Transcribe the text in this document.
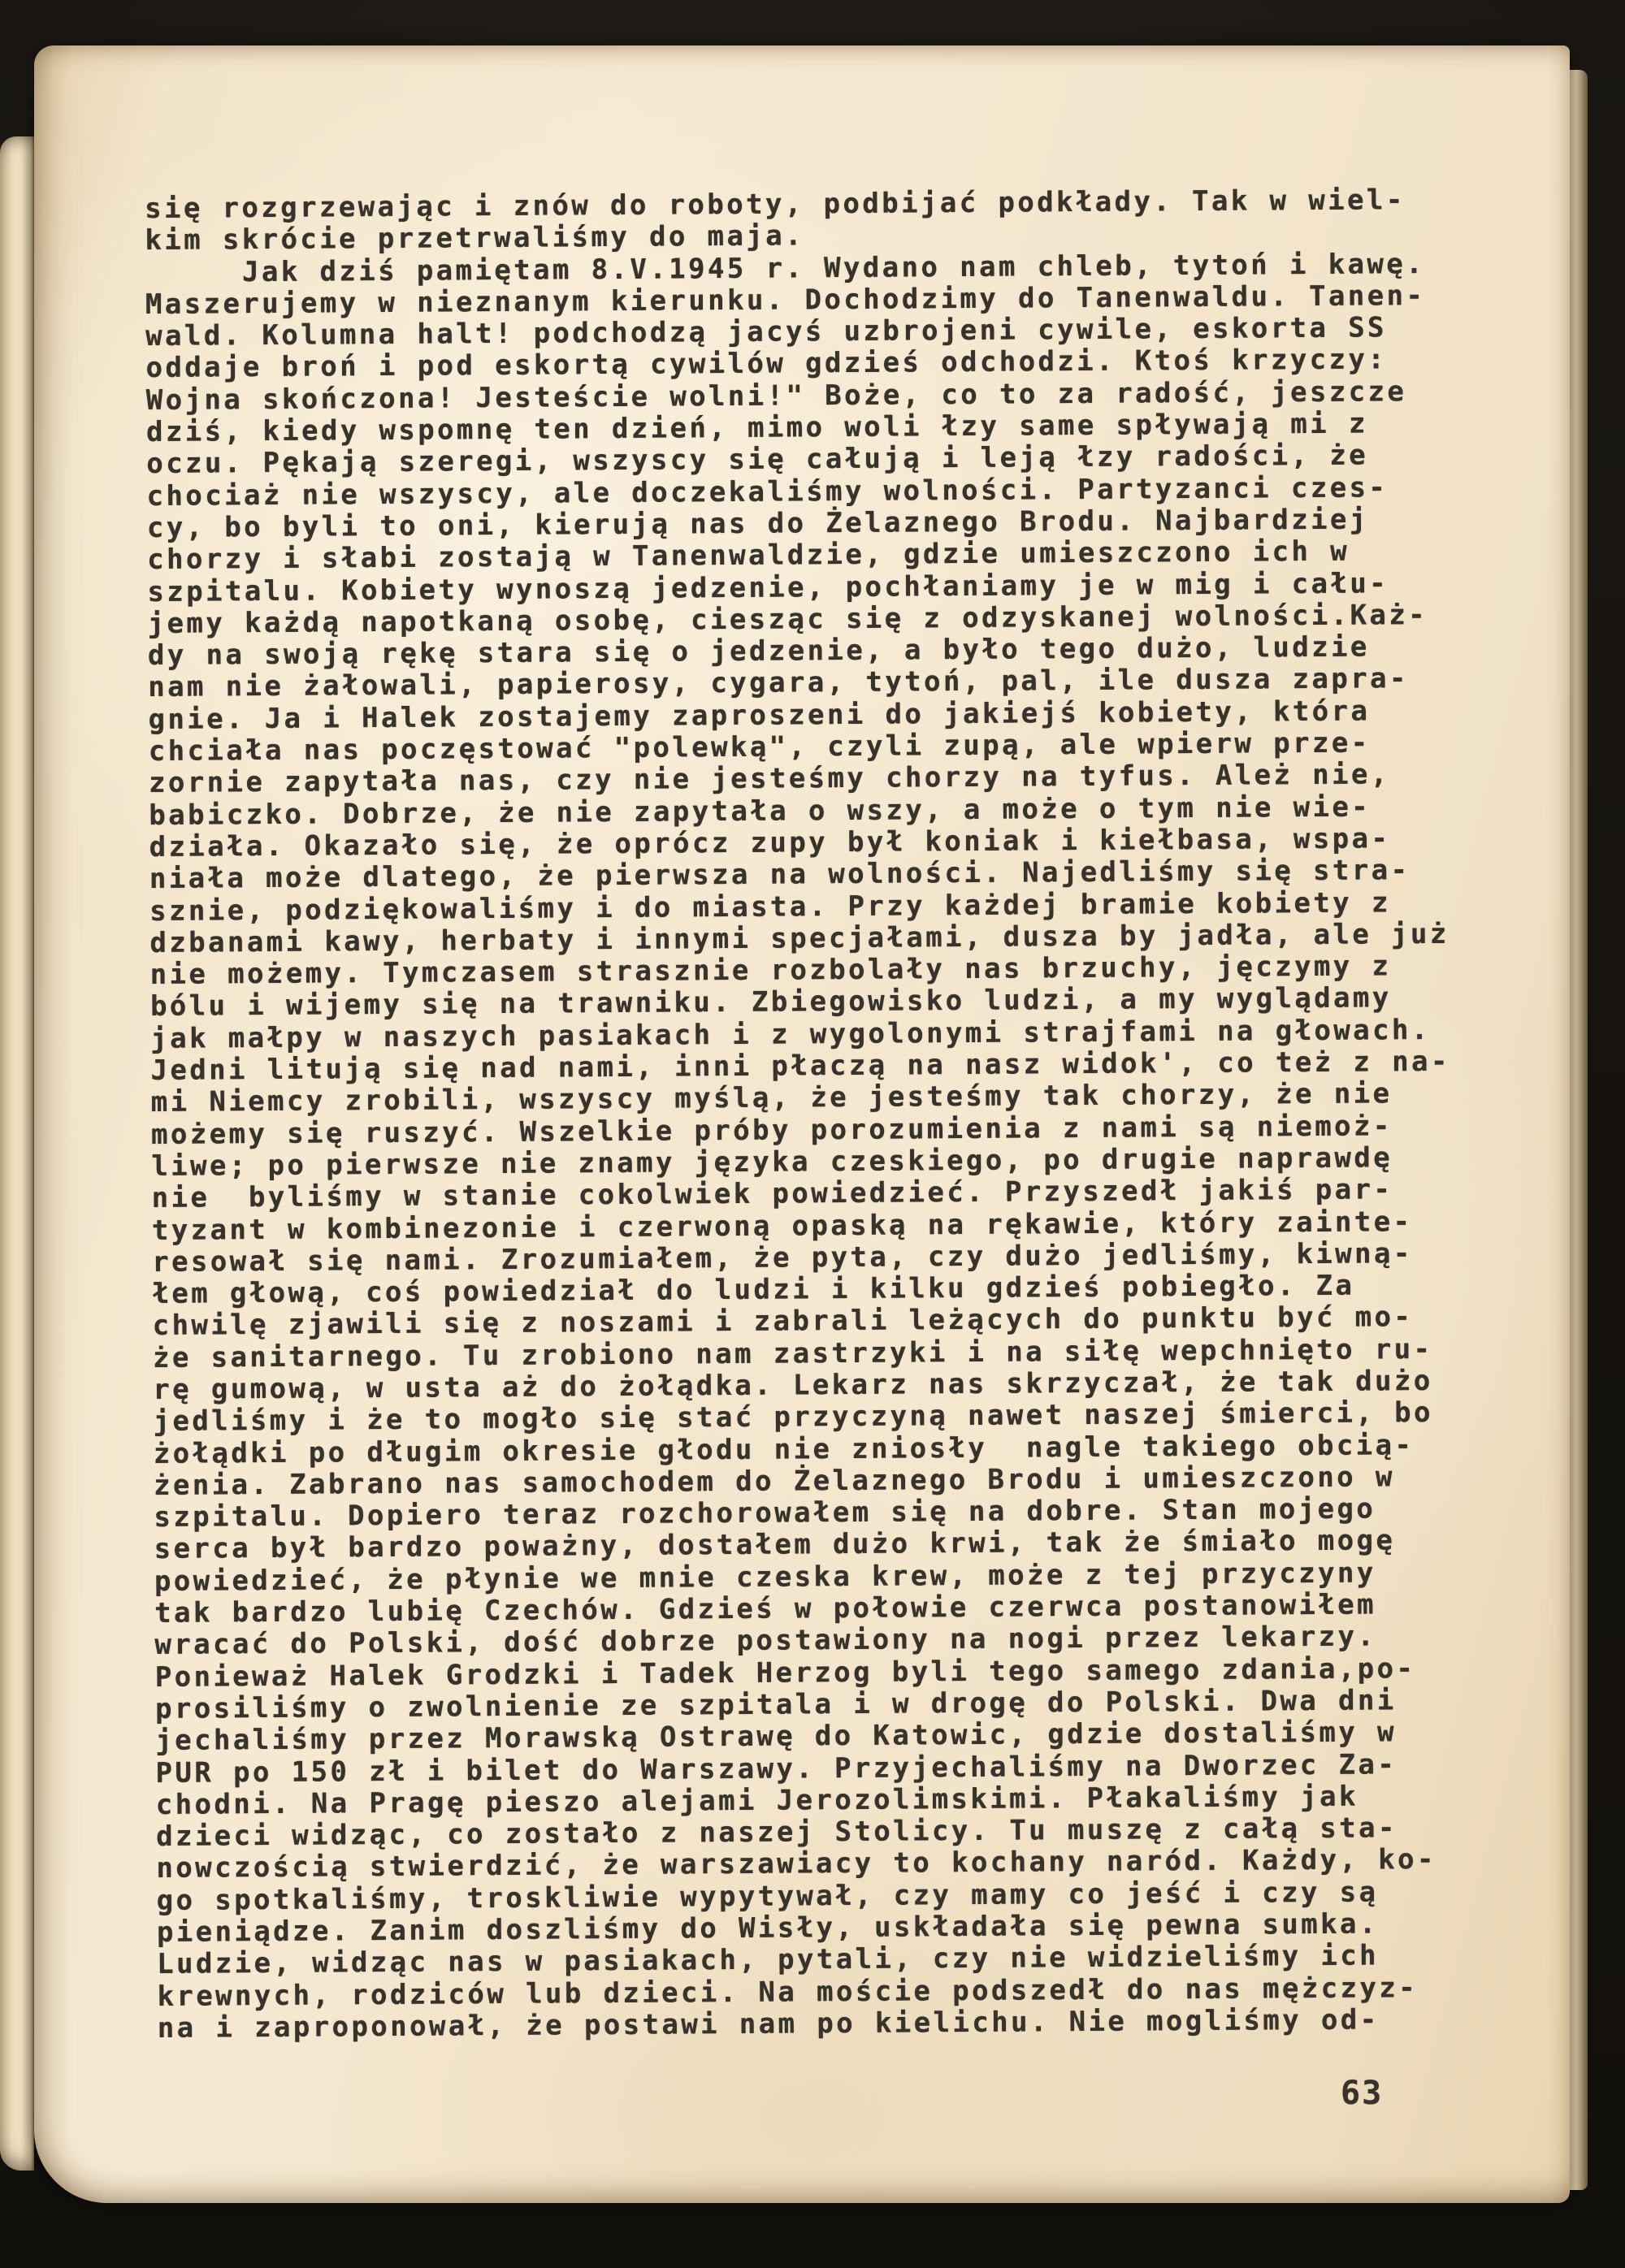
się rozgrzewając i znów do roboty, podbijać podkłady. Tak w wiel-
kim skrócie przetrwaliśmy do maja.
Jak dziś pamiętam 8.V.1945 r. Wydano nam chleb, tytoń i kawę.
Maszerujemy w nieznanym kierunku. Dochodzimy do Tanenwaldu. Tanen-
wald. Kolumna halt! podchodzą jacyś uzbrojeni cywile, eskorta SS
oddaje broń i pod eskortą cywilów gdzieś odchodzi. Ktoś krzyczy:
Wojna skończona! Jesteście wolni!" Boże, co to za radość, jeszcze
dziś, kiedy wspomnę ten dzień, mimo woli łzy same spływają mi z
oczu. Pękają szeregi, wszyscy się całują i leją łzy radości, że
chociaż nie wszyscy, ale doczekaliśmy wolności. Partyzanci czes-
cy, bo byli to oni, kierują nas do Żelaznego Brodu. Najbardziej
chorzy i słabi zostają w Tanenwaldzie, gdzie umieszczono ich w
szpitalu. Kobiety wynoszą jedzenie, pochłaniamy je w mig i cału-
jemy każdą napotkaną osobę, ciesząc się z odzyskanej wolności.Każ-
dy na swoją rękę stara się o jedzenie, a było tego dużo, ludzie
nam nie żałowali, papierosy, cygara, tytoń, pal, ile dusza zapra-
gnie. Ja i Halek zostajemy zaproszeni do jakiejś kobiety, która
chciała nas poczęstować "polewką", czyli zupą, ale wpierw prze-
zornie zapytała nas, czy nie jesteśmy chorzy na tyfus. Ależ nie,
babiczko. Dobrze, że nie zapytała o wszy, a może o tym nie wie-
działa. Okazało się, że oprócz zupy był koniak i kiełbasa, wspa-
niała może dlatego, że pierwsza na wolności. Najedliśmy się stra-
sznie, podziękowaliśmy i do miasta. Przy każdej bramie kobiety z
dzbanami kawy, herbaty i innymi specjałami, dusza by jadła, ale już
nie możemy. Tymczasem strasznie rozbolały nas brzuchy, jęczymy z
bólu i wijemy się na trawniku. Zbiegowisko ludzi, a my wyglądamy
jak małpy w naszych pasiakach i z wygolonymi strajfami na głowach.
Jedni litują się nad nami, inni płaczą na nasz widok', co też z na-
mi Niemcy zrobili, wszyscy myślą, że jesteśmy tak chorzy, że nie
możemy się ruszyć. Wszelkie próby porozumienia z nami są niemoż-
liwe; po pierwsze nie znamy języka czeskiego, po drugie naprawdę
nie  byliśmy w stanie cokolwiek powiedzieć. Przyszedł jakiś par-
tyzant w kombinezonie i czerwoną opaską na rękawie, który zainte-
resował się nami. Zrozumiałem, że pyta, czy dużo jedliśmy, kiwną-
łem głową, coś powiedział do ludzi i kilku gdzieś pobiegło. Za
chwilę zjawili się z noszami i zabrali leżących do punktu być mo-
że sanitarnego. Tu zrobiono nam zastrzyki i na siłę wepchnięto ru-
rę gumową, w usta aż do żołądka. Lekarz nas skrzyczał, że tak dużo
jedliśmy i że to mogło się stać przyczyną nawet naszej śmierci, bo
żołądki po długim okresie głodu nie zniosły  nagle takiego obcią-
żenia. Zabrano nas samochodem do Żelaznego Brodu i umieszczono w
szpitalu. Dopiero teraz rozchorowałem się na dobre. Stan mojego
serca był bardzo poważny, dostałem dużo krwi, tak że śmiało mogę
powiedzieć, że płynie we mnie czeska krew, może z tej przyczyny
tak bardzo lubię Czechów. Gdzieś w połowie czerwca postanowiłem
wracać do Polski, dość dobrze postawiony na nogi przez lekarzy.
Ponieważ Halek Grodzki i Tadek Herzog byli tego samego zdania,po-
prosiliśmy o zwolnienie ze szpitala i w drogę do Polski. Dwa dni
jechaliśmy przez Morawską Ostrawę do Katowic, gdzie dostaliśmy w
PUR po 150 zł i bilet do Warszawy. Przyjechaliśmy na Dworzec Za-
chodni. Na Pragę pieszo alejami Jerozolimskimi. Płakaliśmy jak
dzieci widząc, co zostało z naszej Stolicy. Tu muszę z całą sta-
nowczością stwierdzić, że warszawiacy to kochany naród. Każdy, ko-
go spotkaliśmy, troskliwie wypytywał, czy mamy co jeść i czy są
pieniądze. Zanim doszliśmy do Wisły, uskładała się pewna sumka.
Ludzie, widząc nas w pasiakach, pytali, czy nie widzieliśmy ich
krewnych, rodziców lub dzieci. Na moście podszedł do nas mężczyz-
na i zaproponował, że postawi nam po kielichu. Nie mogliśmy od-
63
